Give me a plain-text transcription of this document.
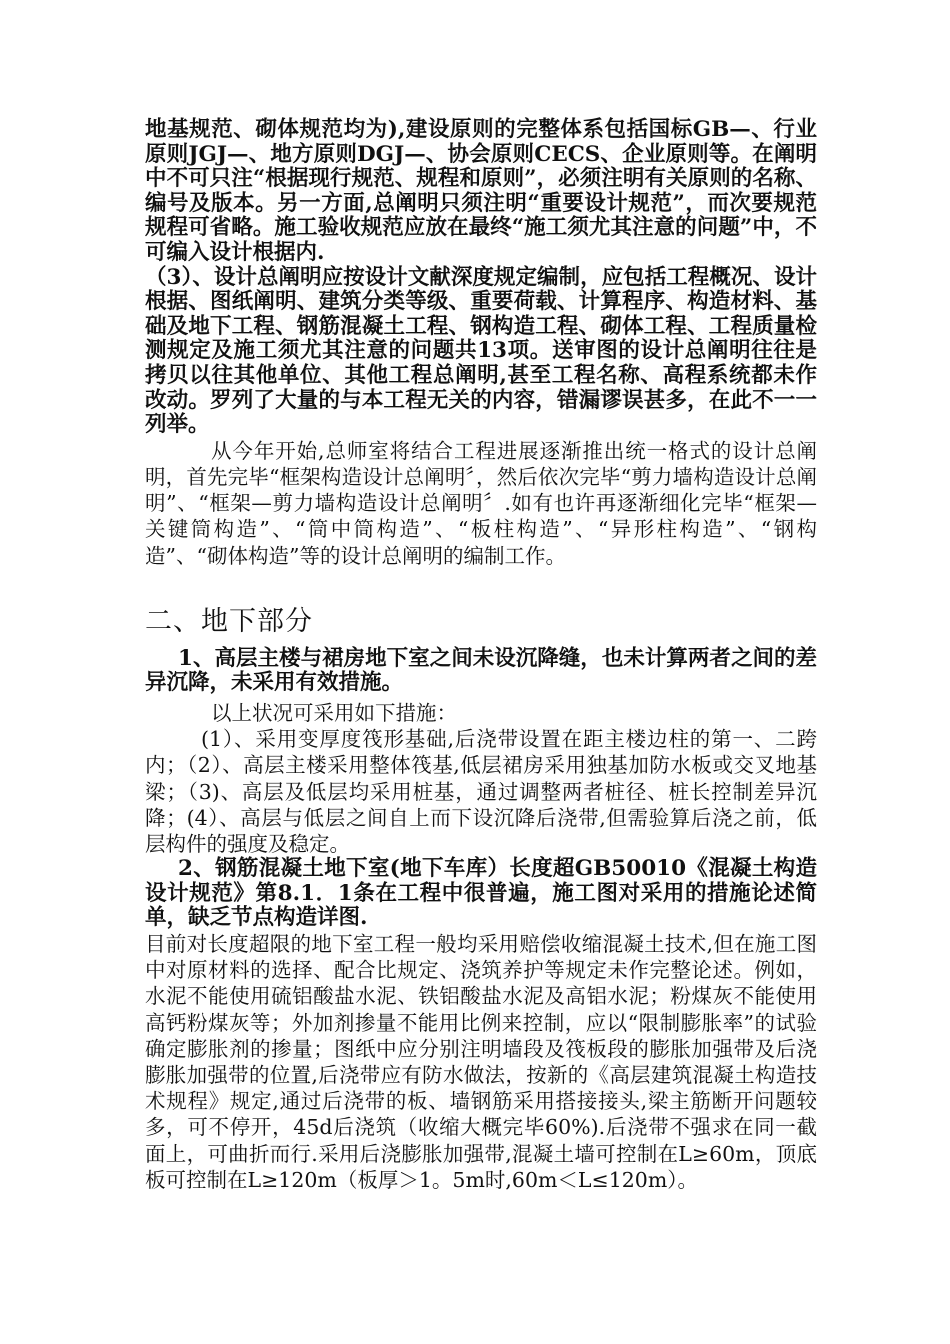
地基规范、砌体规范均为),建设原则的完整体系包括国标GB—、行业原则JGJ—、地方原则DGJ—、协会原则CECS、企业原则等。在阐明中不可只注“根据现行规范、规程和原则”，必须注明有关原则的名称、编号及版本。另一方面,总阐明只须注明“重要设计规范”，而次要规范规程可省略。施工验收规范应放在最终“施工须尤其注意的问题”中，不可编入设计根据内.

（3）、设计总阐明应按设计文献深度规定编制，应包括工程概况、设计根据、图纸阐明、建筑分类等级、重要荷载、计算程序、构造材料、基础及地下工程、钢筋混凝土工程、钢构造工程、砌体工程、工程质量检测规定及施工须尤其注意的问题共13项。送审图的设计总阐明往往是拷贝以往其他单位、其他工程总阐明,甚至工程名称、高程系统都未作改动。罗列了大量的与本工程无关的内容，错漏谬误甚多，在此不一一列举。

从今年开始,总师室将结合工程进展逐渐推出统一格式的设计总阐明，首先完毕“框架构造设计总阐明〞，然后依次完毕“剪力墙构造设计总阐明”、“框架—剪力墙构造设计总阐明〞.如有也许再逐渐细化完毕“框架—关键筒构造”、“筒中筒构造”、“板柱构造”、“异形柱构造”、“钢构造”、“砌体构造”等的设计总阐明的编制工作。

二、地下部分

1、高层主楼与裙房地下室之间未设沉降缝，也未计算两者之间的差异沉降，未采用有效措施。

以上状况可采用如下措施：

(1）、采用变厚度筏形基础,后浇带设置在距主楼边柱的第一、二跨内；（2）、高层主楼采用整体筏基,低层裙房采用独基加防水板或交叉地基梁；（3)、高层及低层均采用桩基，通过调整两者桩径、桩长控制差异沉降；(4）、高层与低层之间自上而下设沉降后浇带,但需验算后浇之前，低层构件的强度及稳定。

2、钢筋混凝土地下室(地下车库）长度超GB50010《混凝土构造设计规范》第8.1．1条在工程中很普遍，施工图对采用的措施论述简单，缺乏节点构造详图.

目前对长度超限的地下室工程一般均采用赔偿收缩混凝土技术,但在施工图中对原材料的选择、配合比规定、浇筑养护等规定未作完整论述。例如，水泥不能使用硫铝酸盐水泥、铁铝酸盐水泥及高铝水泥；粉煤灰不能使用高钙粉煤灰等；外加剂掺量不能用比例来控制，应以“限制膨胀率”的试验确定膨胀剂的掺量；图纸中应分别注明墙段及筏板段的膨胀加强带及后浇膨胀加强带的位置,后浇带应有防水做法，按新的《高层建筑混凝土构造技术规程》规定,通过后浇带的板、墙钢筋采用搭接接头,梁主筋断开问题较多，可不停开，45d后浇筑（收缩大概完毕60%).后浇带不强求在同一截面上，可曲折而行.采用后浇膨胀加强带,混凝土墙可控制在L≥60m，顶底板可控制在L≥120m（板厚＞1。5m时,60m＜L≤120m）。
